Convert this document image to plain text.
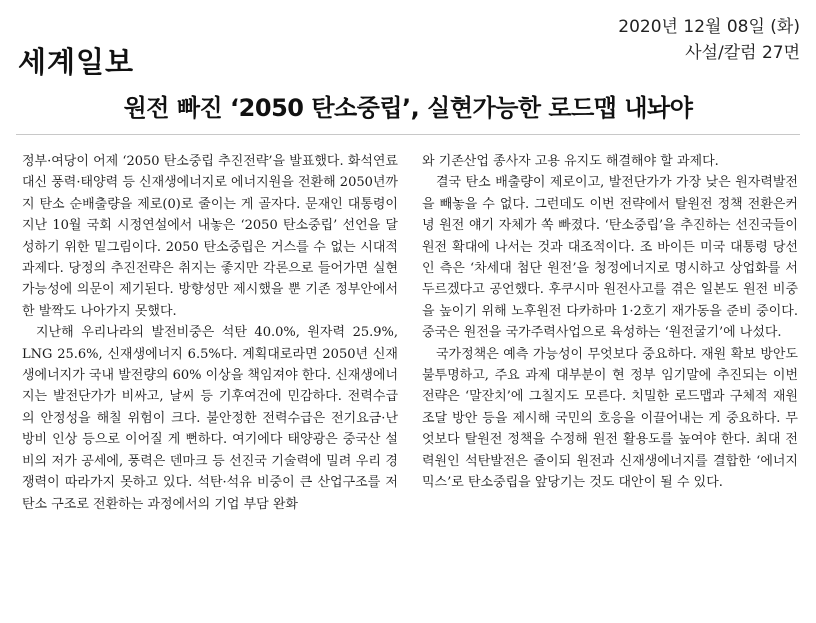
세계일보
2020년 12월 08일 (화)
사설/칼럼 27면
원전 빠진 ‘2050 탄소중립’, 실현가능한 로드맵 내놔야

정부·여당이 어제 ‘2050 탄소중립 추진전략’을 발표했다. 화석연료 대신 풍력·태양력 등 신재생에너지로 에너지원을 전환해 2050년까지 탄소 순배출량을 제로(0)로 줄이는 게 골자다. 문재인 대통령이 지난 10월 국회 시정연설에서 내놓은 ‘2050 탄소중립’ 선언을 달성하기 위한 밑그림이다. 2050 탄소중립은 거스를 수 없는 시대적 과제다. 당정의 추진전략은 취지는 좋지만 각론으로 들어가면 실현 가능성에 의문이 제기된다. 방향성만 제시했을 뿐 기존 정부안에서 한 발짝도 나아가지 못했다.

지난해 우리나라의 발전비중은 석탄 40.0%, 원자력 25.9%, LNG 25.6%, 신재생에너지 6.5%다. 계획대로라면 2050년 신재생에너지가 국내 발전량의 60% 이상을 책임져야 한다. 신재생에너지는 발전단가가 비싸고, 날씨 등 기후여건에 민감하다. 전력수급의 안정성을 해칠 위험이 크다. 불안정한 전력수급은 전기요금·난방비 인상 등으로 이어질 게 뻔하다. 여기에다 태양광은 중국산 설비의 저가 공세에, 풍력은 덴마크 등 선진국 기술력에 밀려 우리 경쟁력이 따라가지 못하고 있다. 석탄·석유 비중이 큰 산업구조를 저탄소 구조로 전환하는 과정에서의 기업 부담 완화

와 기존산업 종사자 고용 유지도 해결해야 할 과제다.

결국 탄소 배출량이 제로이고, 발전단가가 가장 낮은 원자력발전을 빼놓을 수 없다. 그런데도 이번 전략에서 탈원전 정책 전환은커녕 원전 얘기 자체가 쏙 빠졌다. ‘탄소중립’을 추진하는 선진국들이 원전 확대에 나서는 것과 대조적이다. 조 바이든 미국 대통령 당선인 측은 ‘차세대 첨단 원전’을 청정에너지로 명시하고 상업화를 서두르겠다고 공언했다. 후쿠시마 원전사고를 겪은 일본도 원전 비중을 높이기 위해 노후원전 다카하마 1·2호기 재가동을 준비 중이다. 중국은 원전을 국가주력사업으로 육성하는 ‘원전굴기’에 나섰다.

국가정책은 예측 가능성이 무엇보다 중요하다. 재원 확보 방안도 불투명하고, 주요 과제 대부분이 현 정부 임기말에 추진되는 이번 전략은 ‘말잔치’에 그칠지도 모른다. 치밀한 로드맵과 구체적 재원조달 방안 등을 제시해 국민의 호응을 이끌어내는 게 중요하다. 무엇보다 탈원전 정책을 수정해 원전 활용도를 높여야 한다. 최대 전력원인 석탄발전은 줄이되 원전과 신재생에너지를 결합한 ‘에너지믹스’로 탄소중립을 앞당기는 것도 대안이 될 수 있다.
